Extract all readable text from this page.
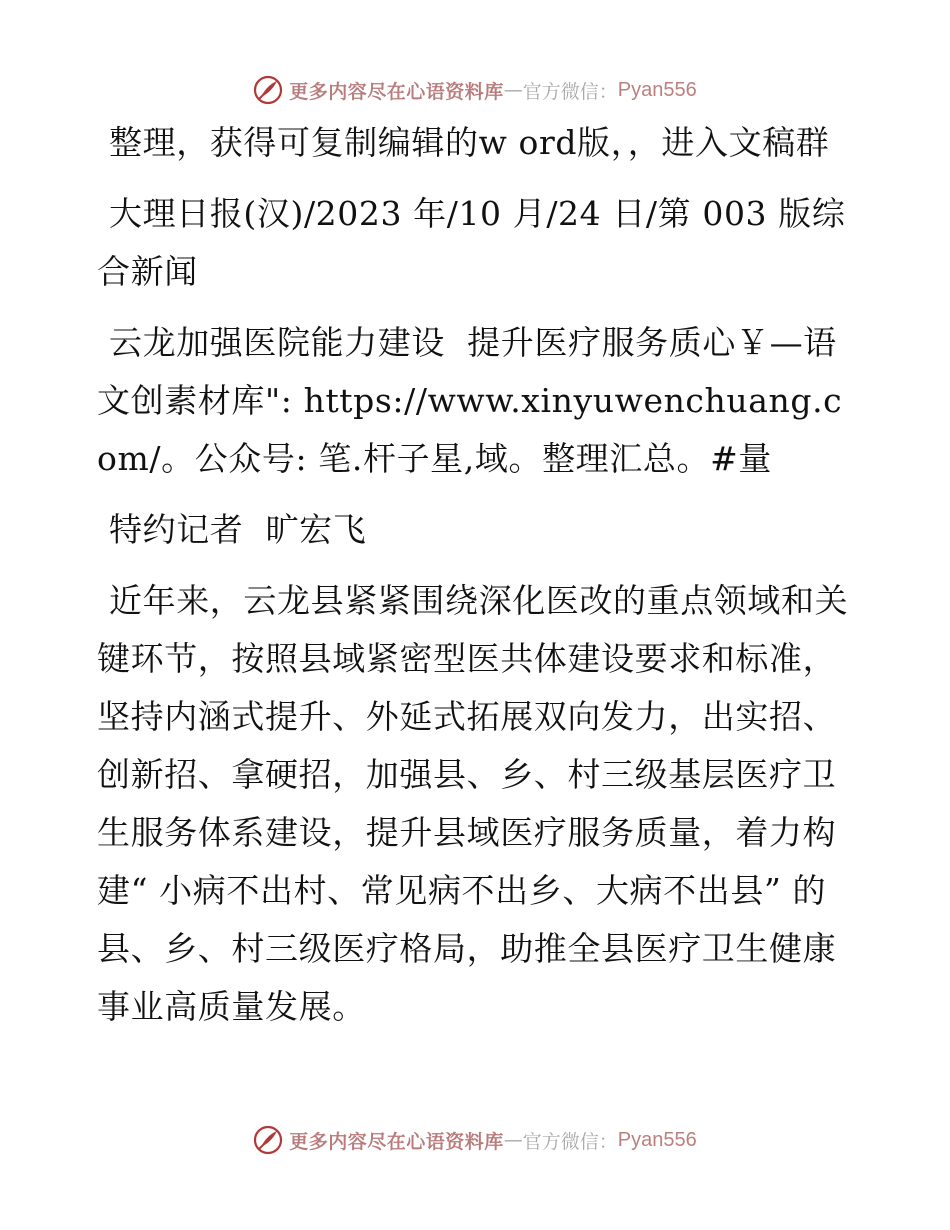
更多内容尽在心语资料库 — 官方微信： Pyan556

整理，获得可复制编辑的w ord版，，进入文稿群

大理日报(汉)/2023 年/10 月/24 日/第 003 版综合新闻

云龙加强医院能力建设  提升医疗服务质心￥—语文创素材库": https://www.xinyuwenchuang.com/。公众号: 笔.杆子星,域。整理汇总。#量

特约记者  旷宏飞

近年来，云龙县紧紧围绕深化医改的重点领域和关键环节，按照县域紧密型医共体建设要求和标准，坚持内涵式提升、外延式拓展双向发力，出实招、创新招、拿硬招，加强县、乡、村三级基层医疗卫生服务体系建设，提升县域医疗服务质量，着力构建“ 小病不出村、常见病不出乡、大病不出县” 的县、乡、村三级医疗格局，助推全县医疗卫生健康事业高质量发展。

更多内容尽在心语资料库 — 官方微信： Pyan556
